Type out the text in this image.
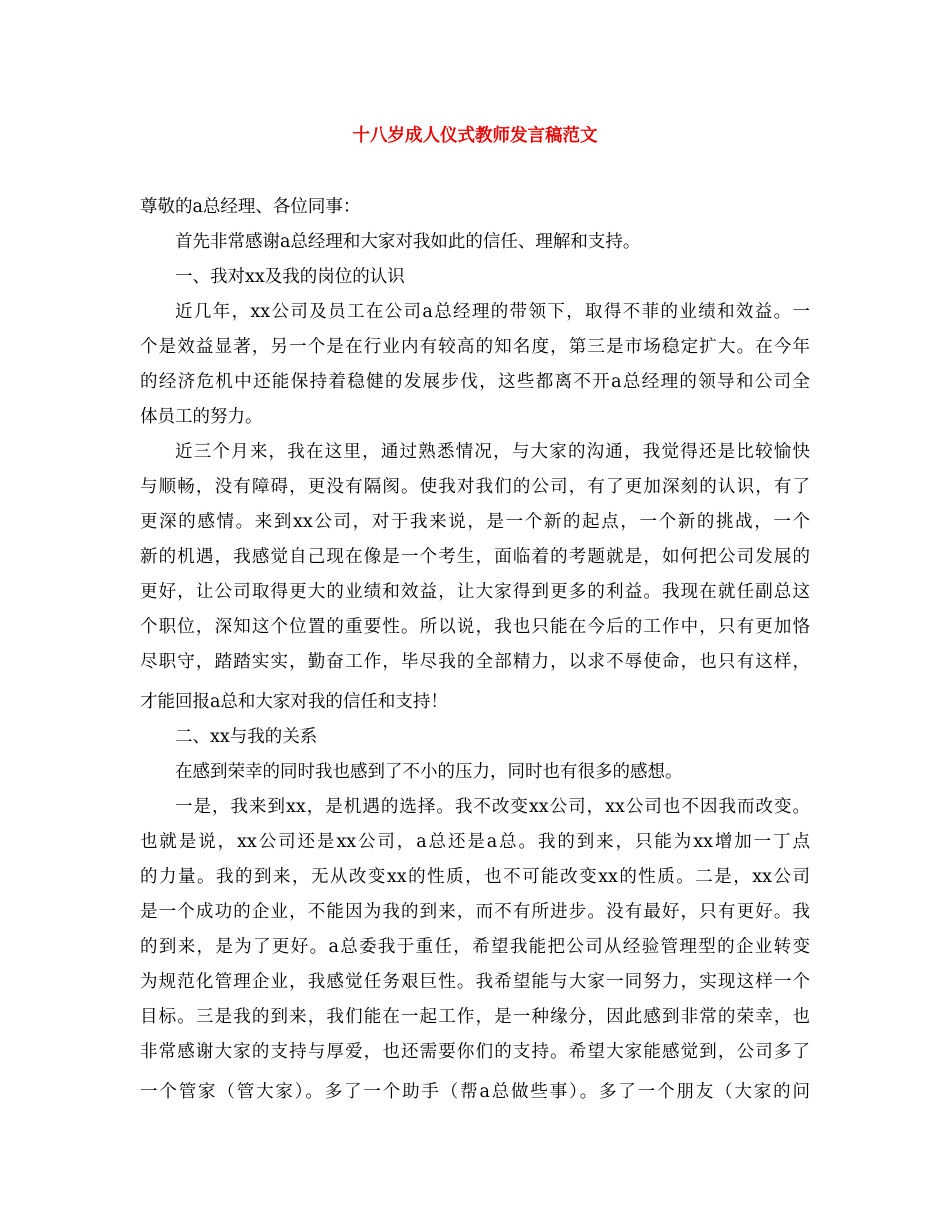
十八岁成人仪式教师发言稿范文
尊敬的a总经理、各位同事：
首先非常感谢a总经理和大家对我如此的信任、理解和支持。
一、我对xx及我的岗位的认识
近几年，xx公司及员工在公司a总经理的带领下，取得不菲的业绩和效益。一
个是效益显著，另一个是在行业内有较高的知名度，第三是市场稳定扩大。在今年
的经济危机中还能保持着稳健的发展步伐，这些都离不开a总经理的领导和公司全
体员工的努力。
近三个月来，我在这里，通过熟悉情况，与大家的沟通，我觉得还是比较愉快
与顺畅，没有障碍，更没有隔阂。使我对我们的公司，有了更加深刻的认识，有了
更深的感情。来到xx公司，对于我来说，是一个新的起点，一个新的挑战，一个
新的机遇，我感觉自己现在像是一个考生，面临着的考题就是，如何把公司发展的
更好，让公司取得更大的业绩和效益，让大家得到更多的利益。我现在就任副总这
个职位，深知这个位置的重要性。所以说，我也只能在今后的工作中，只有更加恪
尽职守，踏踏实实，勤奋工作，毕尽我的全部精力，以求不辱使命，也只有这样，
才能回报a总和大家对我的信任和支持！
二、xx与我的关系
在感到荣幸的同时我也感到了不小的压力，同时也有很多的感想。
一是，我来到xx，是机遇的选择。我不改变xx公司，xx公司也不因我而改变。
也就是说，xx公司还是xx公司，a总还是a总。我的到来，只能为xx增加一丁点
的力量。我的到来，无从改变xx的性质，也不可能改变xx的性质。二是，xx公司
是一个成功的企业，不能因为我的到来，而不有所进步。没有最好，只有更好。我
的到来，是为了更好。a总委我于重任，希望我能把公司从经验管理型的企业转变
为规范化管理企业，我感觉任务艰巨性。我希望能与大家一同努力，实现这样一个
目标。三是我的到来，我们能在一起工作，是一种缘分，因此感到非常的荣幸，也
非常感谢大家的支持与厚爱，也还需要你们的支持。希望大家能感觉到，公司多了
一个管家（管大家）。多了一个助手（帮a总做些事）。多了一个朋友（大家的问
